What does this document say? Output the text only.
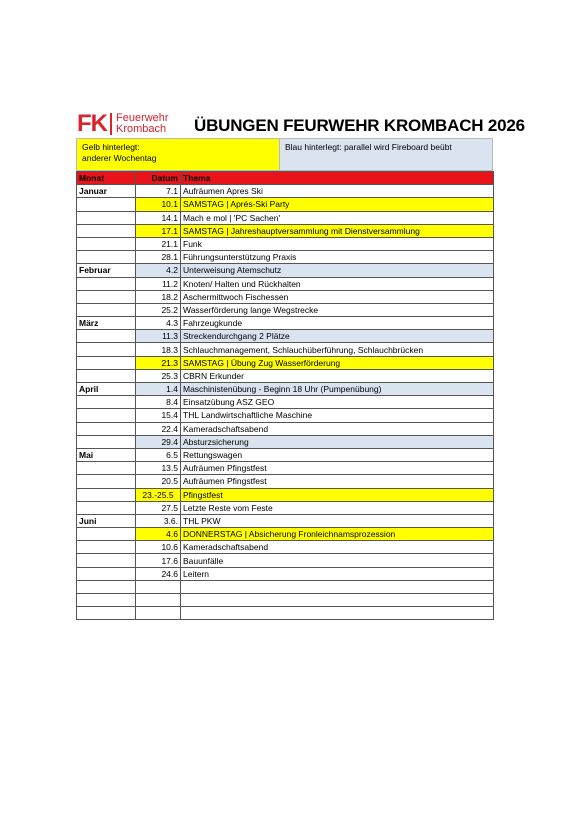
FK Feuerwehr
Krombach ÜBUNGEN FEURWEHR KROMBACH 2026
Gelb hinterlegt:
anderer Wochentag
Blau hinterlegt: parallel wird Fireboard beübt
Monat	Datum	Thema
Januar	7.1	Aufräumen Apres Ski
	10.1	SAMSTAG | Aprés-Ski Party
	14.1	Mach e mol | 'PC Sachen'
	17.1	SAMSTAG | Jahreshauptversammlung mit Dienstversammlung
	21.1	Funk
	28.1	Führungsunterstützung Praxis
Februar	4.2	Unterweisung Atemschutz
	11.2	Knoten/ Halten und Rückhalten
	18.2	Aschermittwoch Fischessen
	25.2	Wasserförderung lange Wegstrecke
März	4.3	Fahrzeugkunde
	11.3	Streckendurchgang 2 Plätze
	18.3	Schlauchmanagement, Schlauchüberführung, Schlauchbrücken
	21.3	SAMSTAG | Übung Zug Wasserförderung
	25.3	CBRN Erkunder
April	1.4	Maschinistenübung - Beginn 18 Uhr (Pumpenübung)
	8.4	Einsatzübung ASZ GEO
	15.4	THL Landwirtschaftliche Maschine
	22.4	Kameradschaftsabend
	29.4	Absturzsicherung
Mai	6.5	Rettungswagen
	13.5	Aufräumen Pfingstfest
	20.5	Aufräumen Pfingstfest
	23.-25.5	Pfingstfest
	27.5	Letzte Reste vom Feste
Juni	3.6.	THL PKW
	4.6	DONNERSTAG | Absicherung Fronleichnamsprozession
	10.6	Kameradschaftsabend
	17.6	Bauunfälle
	24.6	Leitern
